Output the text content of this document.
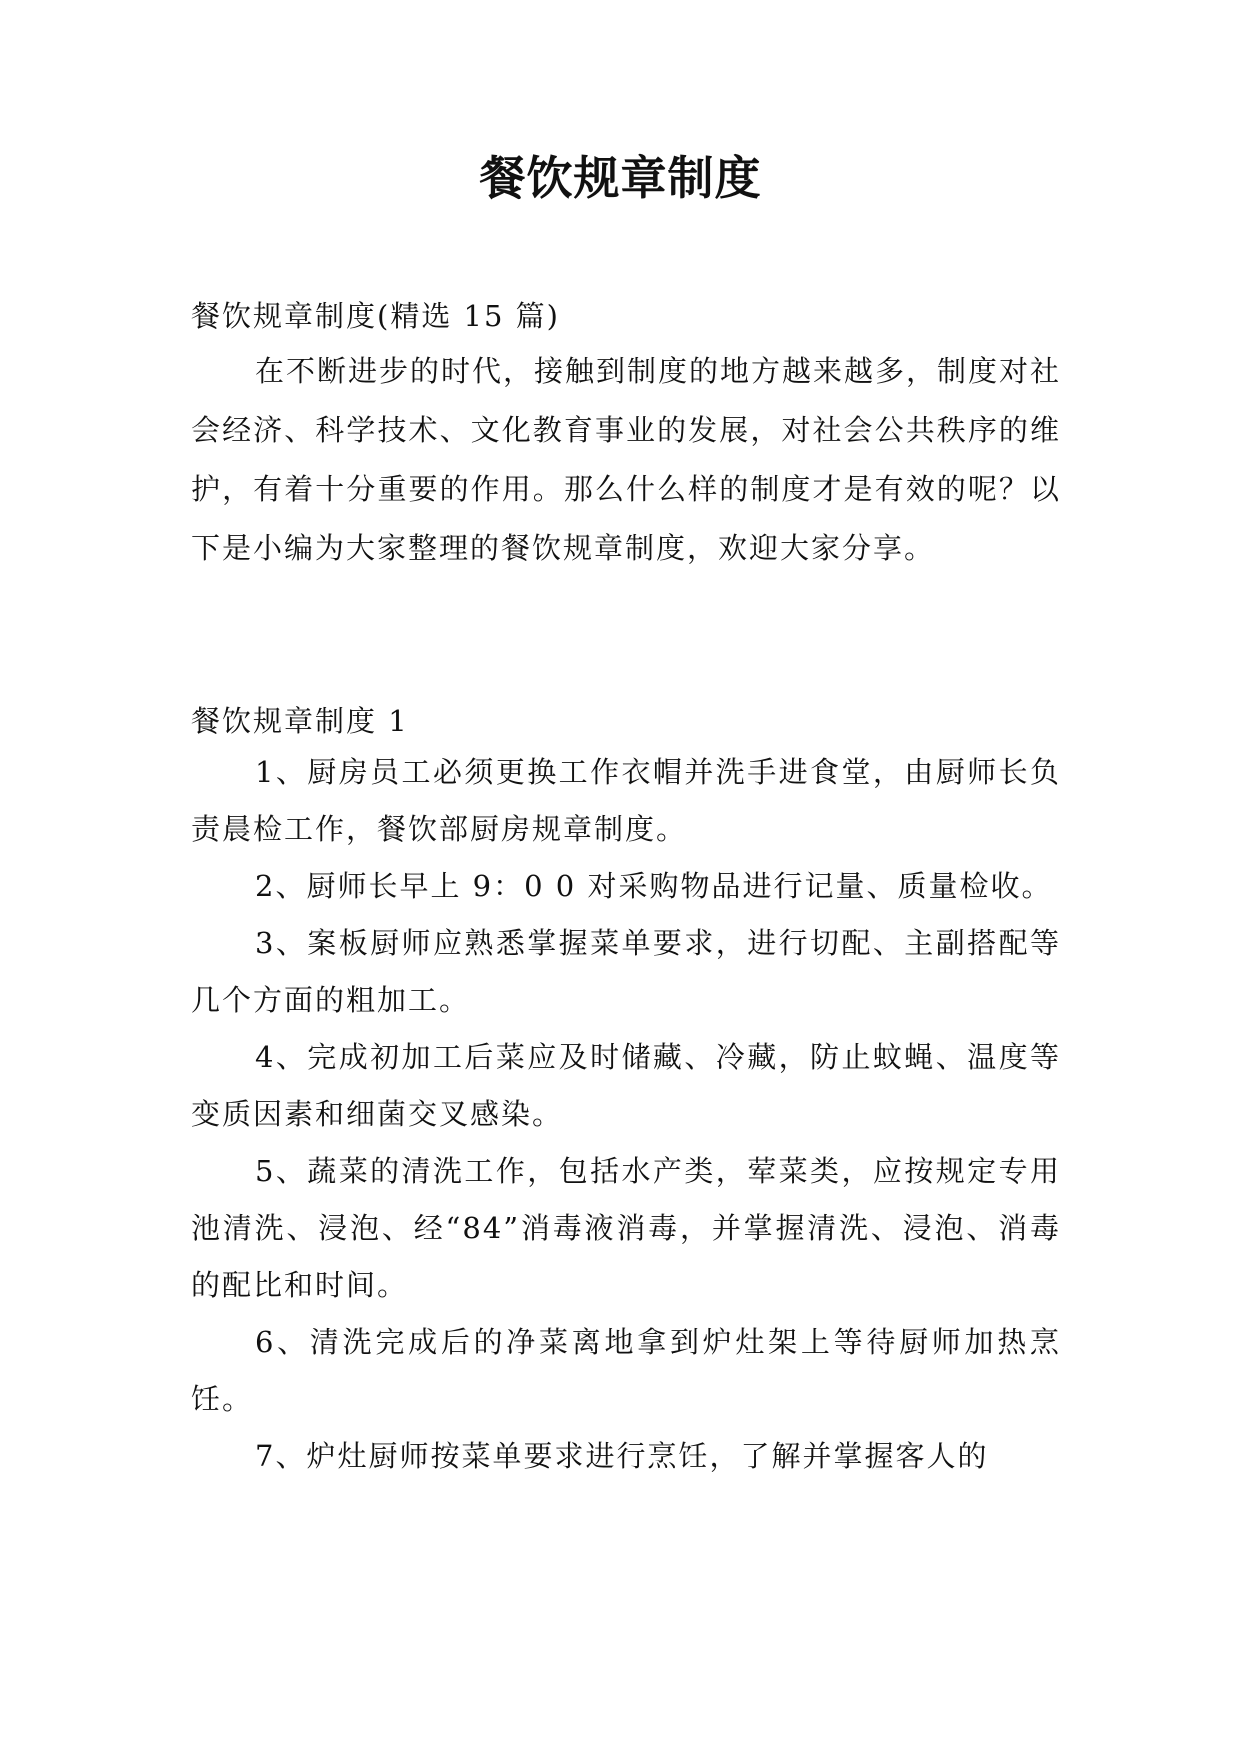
餐饮规章制度

餐饮规章制度(精选 15 篇)

在不断进步的时代，接触到制度的地方越来越多，制度对社会经济、科学技术、文化教育事业的发展，对社会公共秩序的维护，有着十分重要的作用。那么什么样的制度才是有效的呢？以下是小编为大家整理的餐饮规章制度，欢迎大家分享。

餐饮规章制度 1

1、厨房员工必须更换工作衣帽并洗手进食堂，由厨师长负责晨检工作，餐饮部厨房规章制度。

2、厨师长早上 9：0 0 对采购物品进行记量、质量检收。

3、案板厨师应熟悉掌握菜单要求，进行切配、主副搭配等几个方面的粗加工。

4、完成初加工后菜应及时储藏、冷藏，防止蚊蝇、温度等变质因素和细菌交叉感染。

5、蔬菜的清洗工作，包括水产类，荤菜类，应按规定专用池清洗、浸泡、经“84”消毒液消毒，并掌握清洗、浸泡、消毒的配比和时间。

6、清洗完成后的净菜离地拿到炉灶架上等待厨师加热烹饪。

7、炉灶厨师按菜单要求进行烹饪，了解并掌握客人的
